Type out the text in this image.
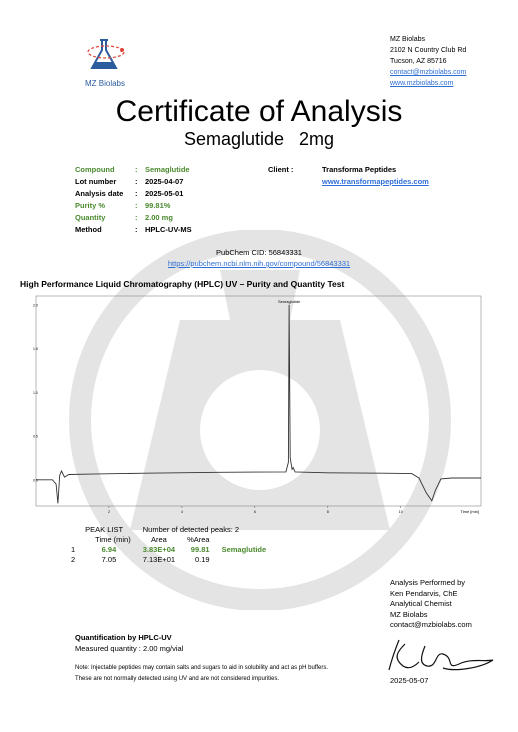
MZ Biolabs
MZ Biolabs
2102 N Country Club Rd
Tucson, AZ 85716
contact@mzbiolabs.com
www.mzbiolabs.com
Certificate of Analysis
Semaglutide   2mg
Compound	:	Semaglutide
Lot number	:	2025-04-07
Analysis date	:	2025-05-01
Purity %	:	99.81%
Quantity	:	2.00 mg
Method	:	HPLC-UV-MS
Client :	Transforma Peptides
www.transformapeptides.com
PubChem CID: 56843331
https://pubchem.ncbi.nlm.nih.gov/compound/56843331
High Performance Liquid Chromatography (HPLC) UV – Purity and Quantity Test
2.0
1.5
1.0
0.5
0.0
2	4	6	8	10
Semaglutide
Time [min]
	PEAK LIST	Number of detected peaks: 2		
	Time (min)	Area	%Area	
1	6.94	3.83E+04	99.81	Semaglutide
2	7.05	7.13E+01	0.19	
Analysis Performed by
Ken Pendarvis, ChE
Analytical Chemist
MZ Biolabs
contact@mzbiolabs.com
Quantification by HPLC-UV
Measured quantity : 2.00 mg/vial
Note: Injectable peptides may contain salts and sugars to aid in solubility and act as pH buffers.
These are not normally detected using UV and are not considered impurities.	2025-05-07
